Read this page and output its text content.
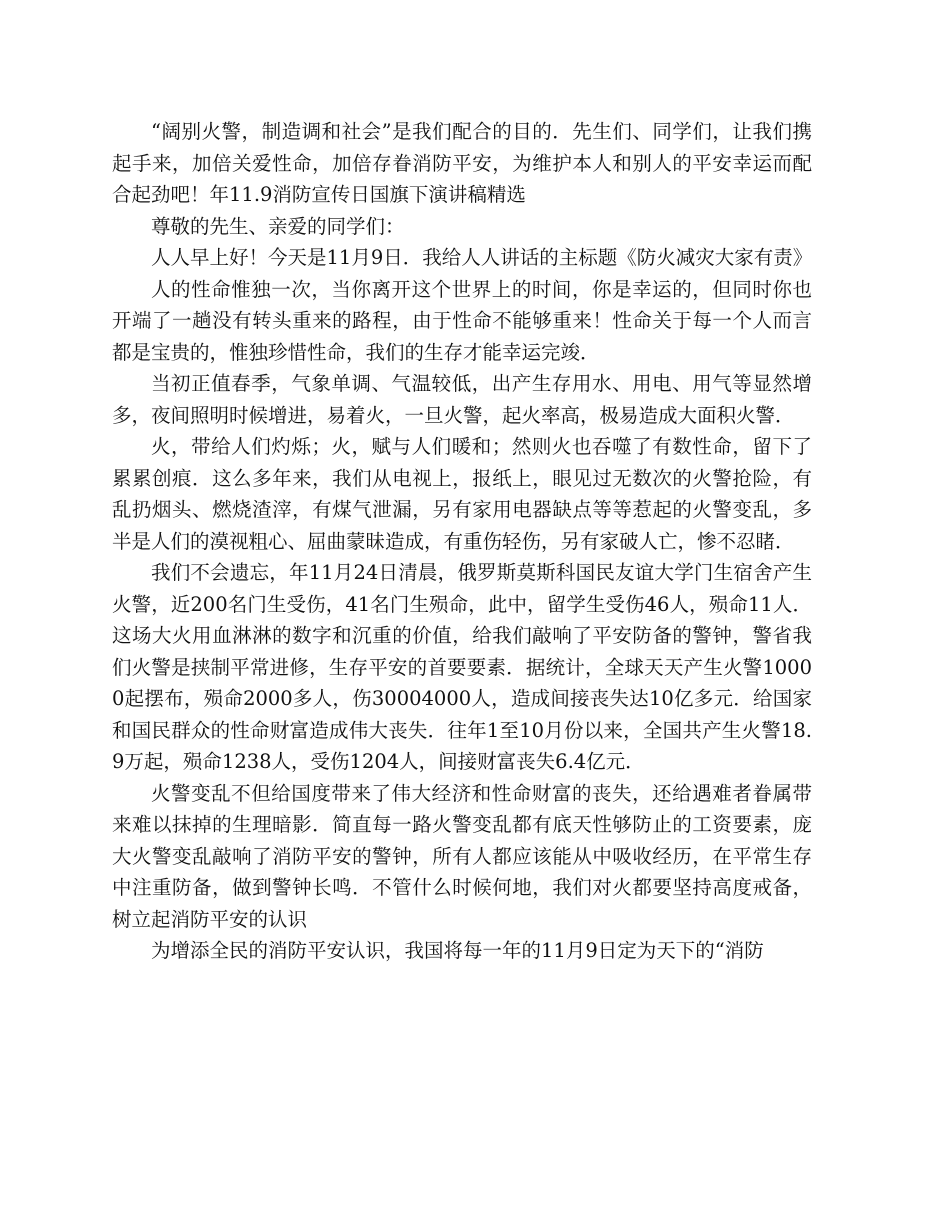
“阔别火警，制造调和社会”是我们配合的目的．先生们、同学们，让我们携起手来，加倍关爱性命，加倍存眷消防平安，为维护本人和别人的平安幸运而配合起劲吧！年11.9消防宣传日国旗下演讲稿精选

尊敬的先生、亲爱的同学们：

人人早上好！今天是11月9日．我给人人讲话的主标题《防火减灾大家有责》

人的性命惟独一次，当你离开这个世界上的时间，你是幸运的，但同时你也开端了一趟没有转头重来的路程，由于性命不能够重来！性命关于每一个人而言都是宝贵的，惟独珍惜性命，我们的生存才能幸运完竣．

当初正值春季，气象单调、气温较低，出产生存用水、用电、用气等显然增多，夜间照明时候增进，易着火，一旦火警，起火率高，极易造成大面积火警．

火，带给人们灼烁；火，赋与人们暖和；然则火也吞噬了有数性命，留下了累累创痕．这么多年来，我们从电视上，报纸上，眼见过无数次的火警抢险，有乱扔烟头、燃烧渣滓，有煤气泄漏，另有家用电器缺点等等惹起的火警变乱，多半是人们的漠视粗心、屈曲蒙昧造成，有重伤轻伤，另有家破人亡，惨不忍睹．

我们不会遗忘，年11月24日清晨，俄罗斯莫斯科国民友谊大学门生宿舍产生火警，近200名门生受伤，41名门生殒命，此中，留学生受伤46人，殒命11人．这场大火用血淋淋的数字和沉重的价值，给我们敲响了平安防备的警钟，警省我们火警是挟制平常进修，生存平安的首要要素．据统计，全球天天产生火警10000起摆布，殒命2000多人，伤30004000人，造成间接丧失达10亿多元．给国家和国民群众的性命财富造成伟大丧失．往年1至10月份以来，全国共产生火警18.9万起，殒命1238人，受伤1204人，间接财富丧失6.4亿元．

火警变乱不但给国度带来了伟大经济和性命财富的丧失，还给遇难者眷属带来难以抹掉的生理暗影．简直每一路火警变乱都有底天性够防止的工资要素，庞大火警变乱敲响了消防平安的警钟，所有人都应该能从中吸收经历，在平常生存中注重防备，做到警钟长鸣．不管什么时候何地，我们对火都要坚持高度戒备，树立起消防平安的认识

为增添全民的消防平安认识，我国将每一年的11月9日定为天下的“消防
